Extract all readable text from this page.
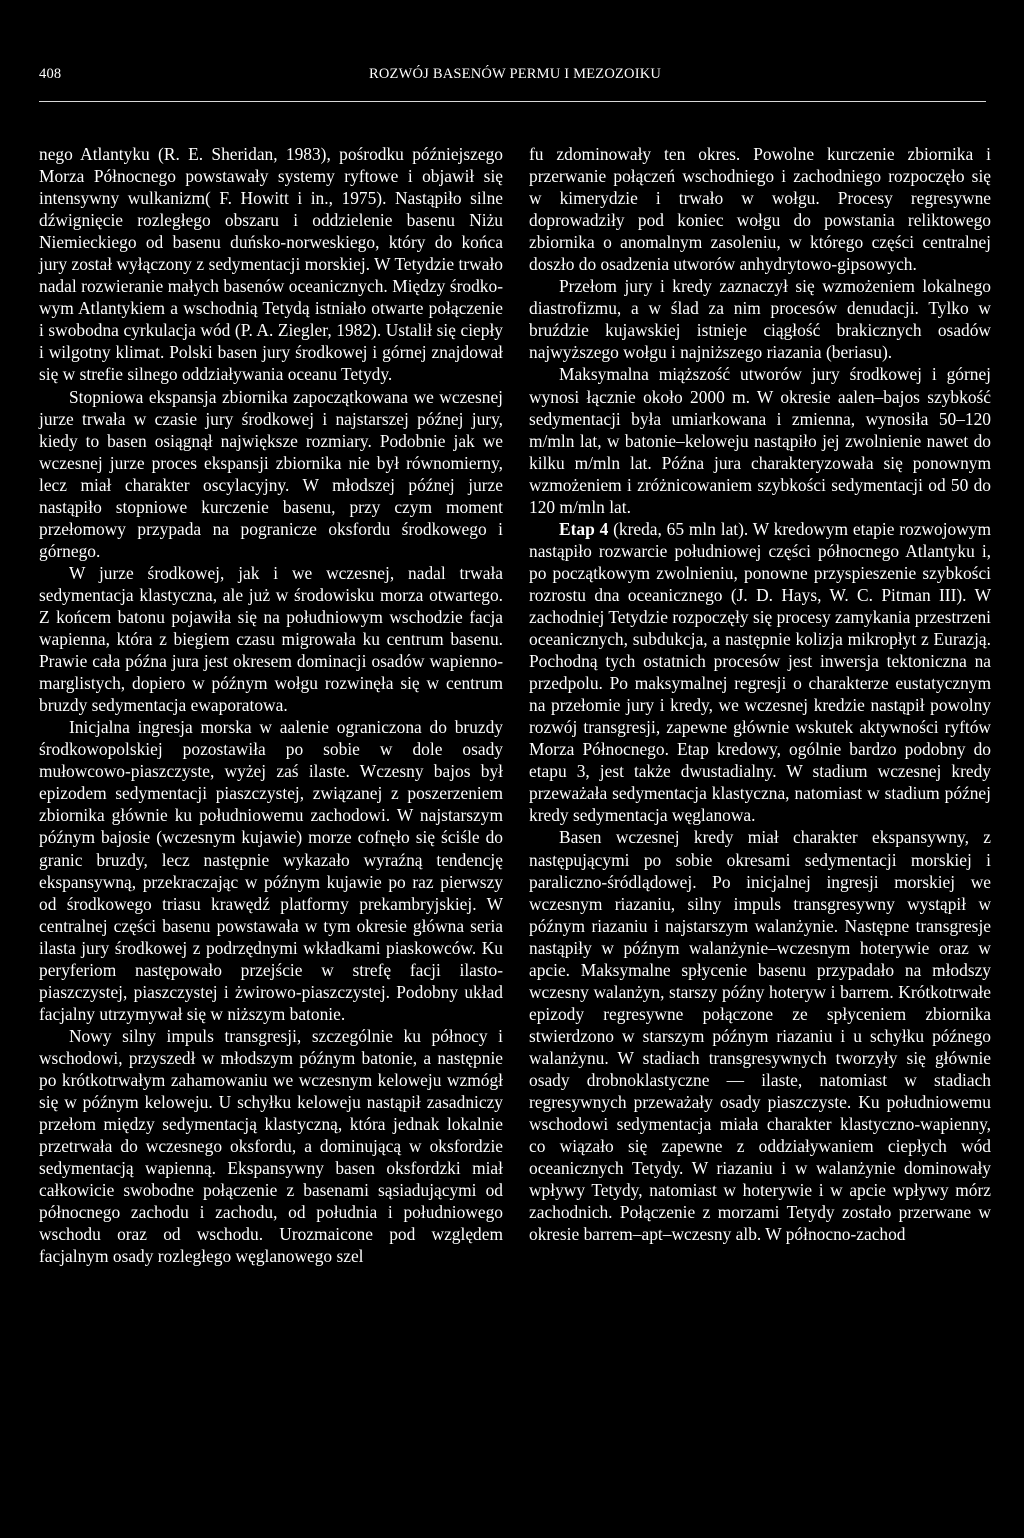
408	ROZWÓJ BASENÓW PERMU I MEZOZOIKU

nego Atlantyku (R. E. Sheridan, 1983), pośrodku późniejszego Morza Północnego powstawały systemy ryftowe i objawił się intensywny wulkanizm( F. Howitt i in., 1975). Nastąpiło silne dźwignięcie rozległego obszaru i oddzielenie basenu Niżu Niemieckiego od basenu duńsko-norweskiego, który do końca jury został wyłączony z sedymentacji morskiej. W Tetydzie trwało nadal rozwieranie małych basenów oceanicznych. Między środkowym Atlantykiem a wschodnią Tetydą istniało otwarte połączenie i swobodna cyrkulacja wód (P. A. Ziegler, 1982). Ustalił się ciepły i wilgotny klimat. Polski basen jury środkowej i górnej znajdował się w strefie silnego oddziaływania oceanu Tetydy.

Stopniowa ekspansja zbiornika zapoczątkowana we wczesnej jurze trwała w czasie jury środkowej i najstarszej późnej jury, kiedy to basen osiągnął największe rozmiary. Podobnie jak we wczesnej jurze proces ekspansji zbiornika nie był równomierny, lecz miał charakter oscylacyjny. W młodszej późnej jurze nastąpiło stopniowe kurczenie basenu, przy czym moment przełomowy przypada na pogranicze oksfordu środkowego i górnego.

W jurze środkowej, jak i we wczesnej, nadal trwała sedymentacja klastyczna, ale już w środowisku morza otwartego. Z końcem batonu pojawiła się na południowym wschodzie facja wapienna, która z biegiem czasu migrowała ku centrum basenu. Prawie cała późna jura jest okresem dominacji osadów wapienno-marglistych, dopiero w późnym wołgu rozwinęła się w centrum bruzdy sedymentacja ewaporatowa.

Inicjalna ingresja morska w aalenie ograniczona do bruzdy środkowopolskiej pozostawiła po sobie w dole osady mułowcowo-piaszczyste, wyżej zaś ilaste. Wczesny bajos był epizodem sedymentacji piaszczystej, związanej z poszerzeniem zbiornika głównie ku południowemu zachodowi. W najstarszym późnym bajosie (wczesnym kujawie) morze cofnęło się ściśle do granic bruzdy, lecz następnie wykazało wyraźną tendencję ekspansywną, przekraczając w późnym kujawie po raz pierwszy od środkowego triasu krawędź platformy prekambryjskiej. W centralnej części basenu powstawała w tym okresie główna seria ilasta jury środkowej z podrzędnymi wkładkami piaskowców. Ku peryferiom następowało przejście w strefę facji ilasto-piaszczystej, piaszczystej i żwirowo-piaszczystej. Podobny układ facjalny utrzymywał się w niższym batonie.

Nowy silny impuls transgresji, szczególnie ku północy i wschodowi, przyszedł w młodszym późnym batonie, a następnie po krótkotrwałym zahamowaniu we wczesnym keloweju wzmógł się w późnym keloweju. U schyłku keloweju nastąpił zasadniczy przełom między sedymentacją klastyczną, która jednak lokalnie przetrwała do wczesnego oksfordu, a dominującą w oksfordzie sedymentacją wapienną. Ekspansywny basen oksfordzki miał całkowicie swobodne połączenie z basenami sąsiadującymi od północnego zachodu i zachodu, od południa i południowego wschodu oraz od wschodu. Urozmaicone pod względem facjalnym osady rozległego węglanowego szel

fu zdominowały ten okres. Powolne kurczenie zbiornika i przerwanie połączeń wschodniego i zachodniego rozpoczęło się w kimerydzie i trwało w wołgu. Procesy regresywne doprowadziły pod koniec wołgu do powstania reliktowego zbiornika o anomalnym zasoleniu, w którego części centralnej doszło do osadzenia utworów anhydrytowo-gipsowych.

Przełom jury i kredy zaznaczył się wzmożeniem lokalnego diastrofizmu, a w ślad za nim procesów denudacji. Tylko w bruździe kujawskiej istnieje ciągłość brakicznych osadów najwyższego wołgu i najniższego riazania (beriasu).

Maksymalna miąższość utworów jury środkowej i górnej wynosi łącznie około 2000 m. W okresie aalen–bajos szybkość sedymentacji była umiarkowana i zmienna, wynosiła 50–120 m/mln lat, w batonie–keloweju nastąpiło jej zwolnienie nawet do kilku m/mln lat. Późna jura charakteryzowała się ponownym wzmożeniem i zróżnicowaniem szybkości sedymentacji od 50 do 120 m/mln lat.

Etap 4 (kreda, 65 mln lat). W kredowym etapie rozwojowym nastąpiło rozwarcie południowej części północnego Atlantyku i, po początkowym zwolnieniu, ponowne przyspieszenie szybkości rozrostu dna oceanicznego (J. D. Hays, W. C. Pitman III). W zachodniej Tetydzie rozpoczęły się procesy zamykania przestrzeni oceanicznych, subdukcja, a następnie kolizja mikropłyt z Eurazją. Pochodną tych ostatnich procesów jest inwersja tektoniczna na przedpolu. Po maksymalnej regresji o charakterze eustatycznym na przełomie jury i kredy, we wczesnej kredzie nastąpił powolny rozwój transgresji, zapewne głównie wskutek aktywności ryftów Morza Północnego. Etap kredowy, ogólnie bardzo podobny do etapu 3, jest także dwustadialny. W stadium wczesnej kredy przeważała sedymentacja klastyczna, natomiast w stadium późnej kredy sedymentacja węglanowa.

Basen wczesnej kredy miał charakter ekspansywny, z następującymi po sobie okresami sedymentacji morskiej i paraliczno-śródlądowej. Po inicjalnej ingresji morskiej we wczesnym riazaniu, silny impuls transgresywny wystąpił w późnym riazaniu i najstarszym walanżynie. Następne transgresje nastąpiły w późnym walanżynie–wczesnym hoterywie oraz w apcie. Maksymalne spłycenie basenu przypadało na młodszy wczesny walanżyn, starszy późny hoteryw i barrem. Krótkotrwałe epizody regresywne połączone ze spłyceniem zbiornika stwierdzono w starszym późnym riazaniu i u schyłku późnego walanżynu. W stadiach transgresywnych tworzyły się głównie osady drobnoklastyczne — ilaste, natomiast w stadiach regresywnych przeważały osady piaszczyste. Ku południowemu wschodowi sedymentacja miała charakter klastyczno-wapienny, co wiązało się zapewne z oddziaływaniem ciepłych wód oceanicznych Tetydy. W riazaniu i w walanżynie dominowały wpływy Tetydy, natomiast w hoterywie i w apcie wpływy mórz zachodnich. Połączenie z morzami Tetydy zostało przerwane w okresie barrem–apt–wczesny alb. W północno-zachod
